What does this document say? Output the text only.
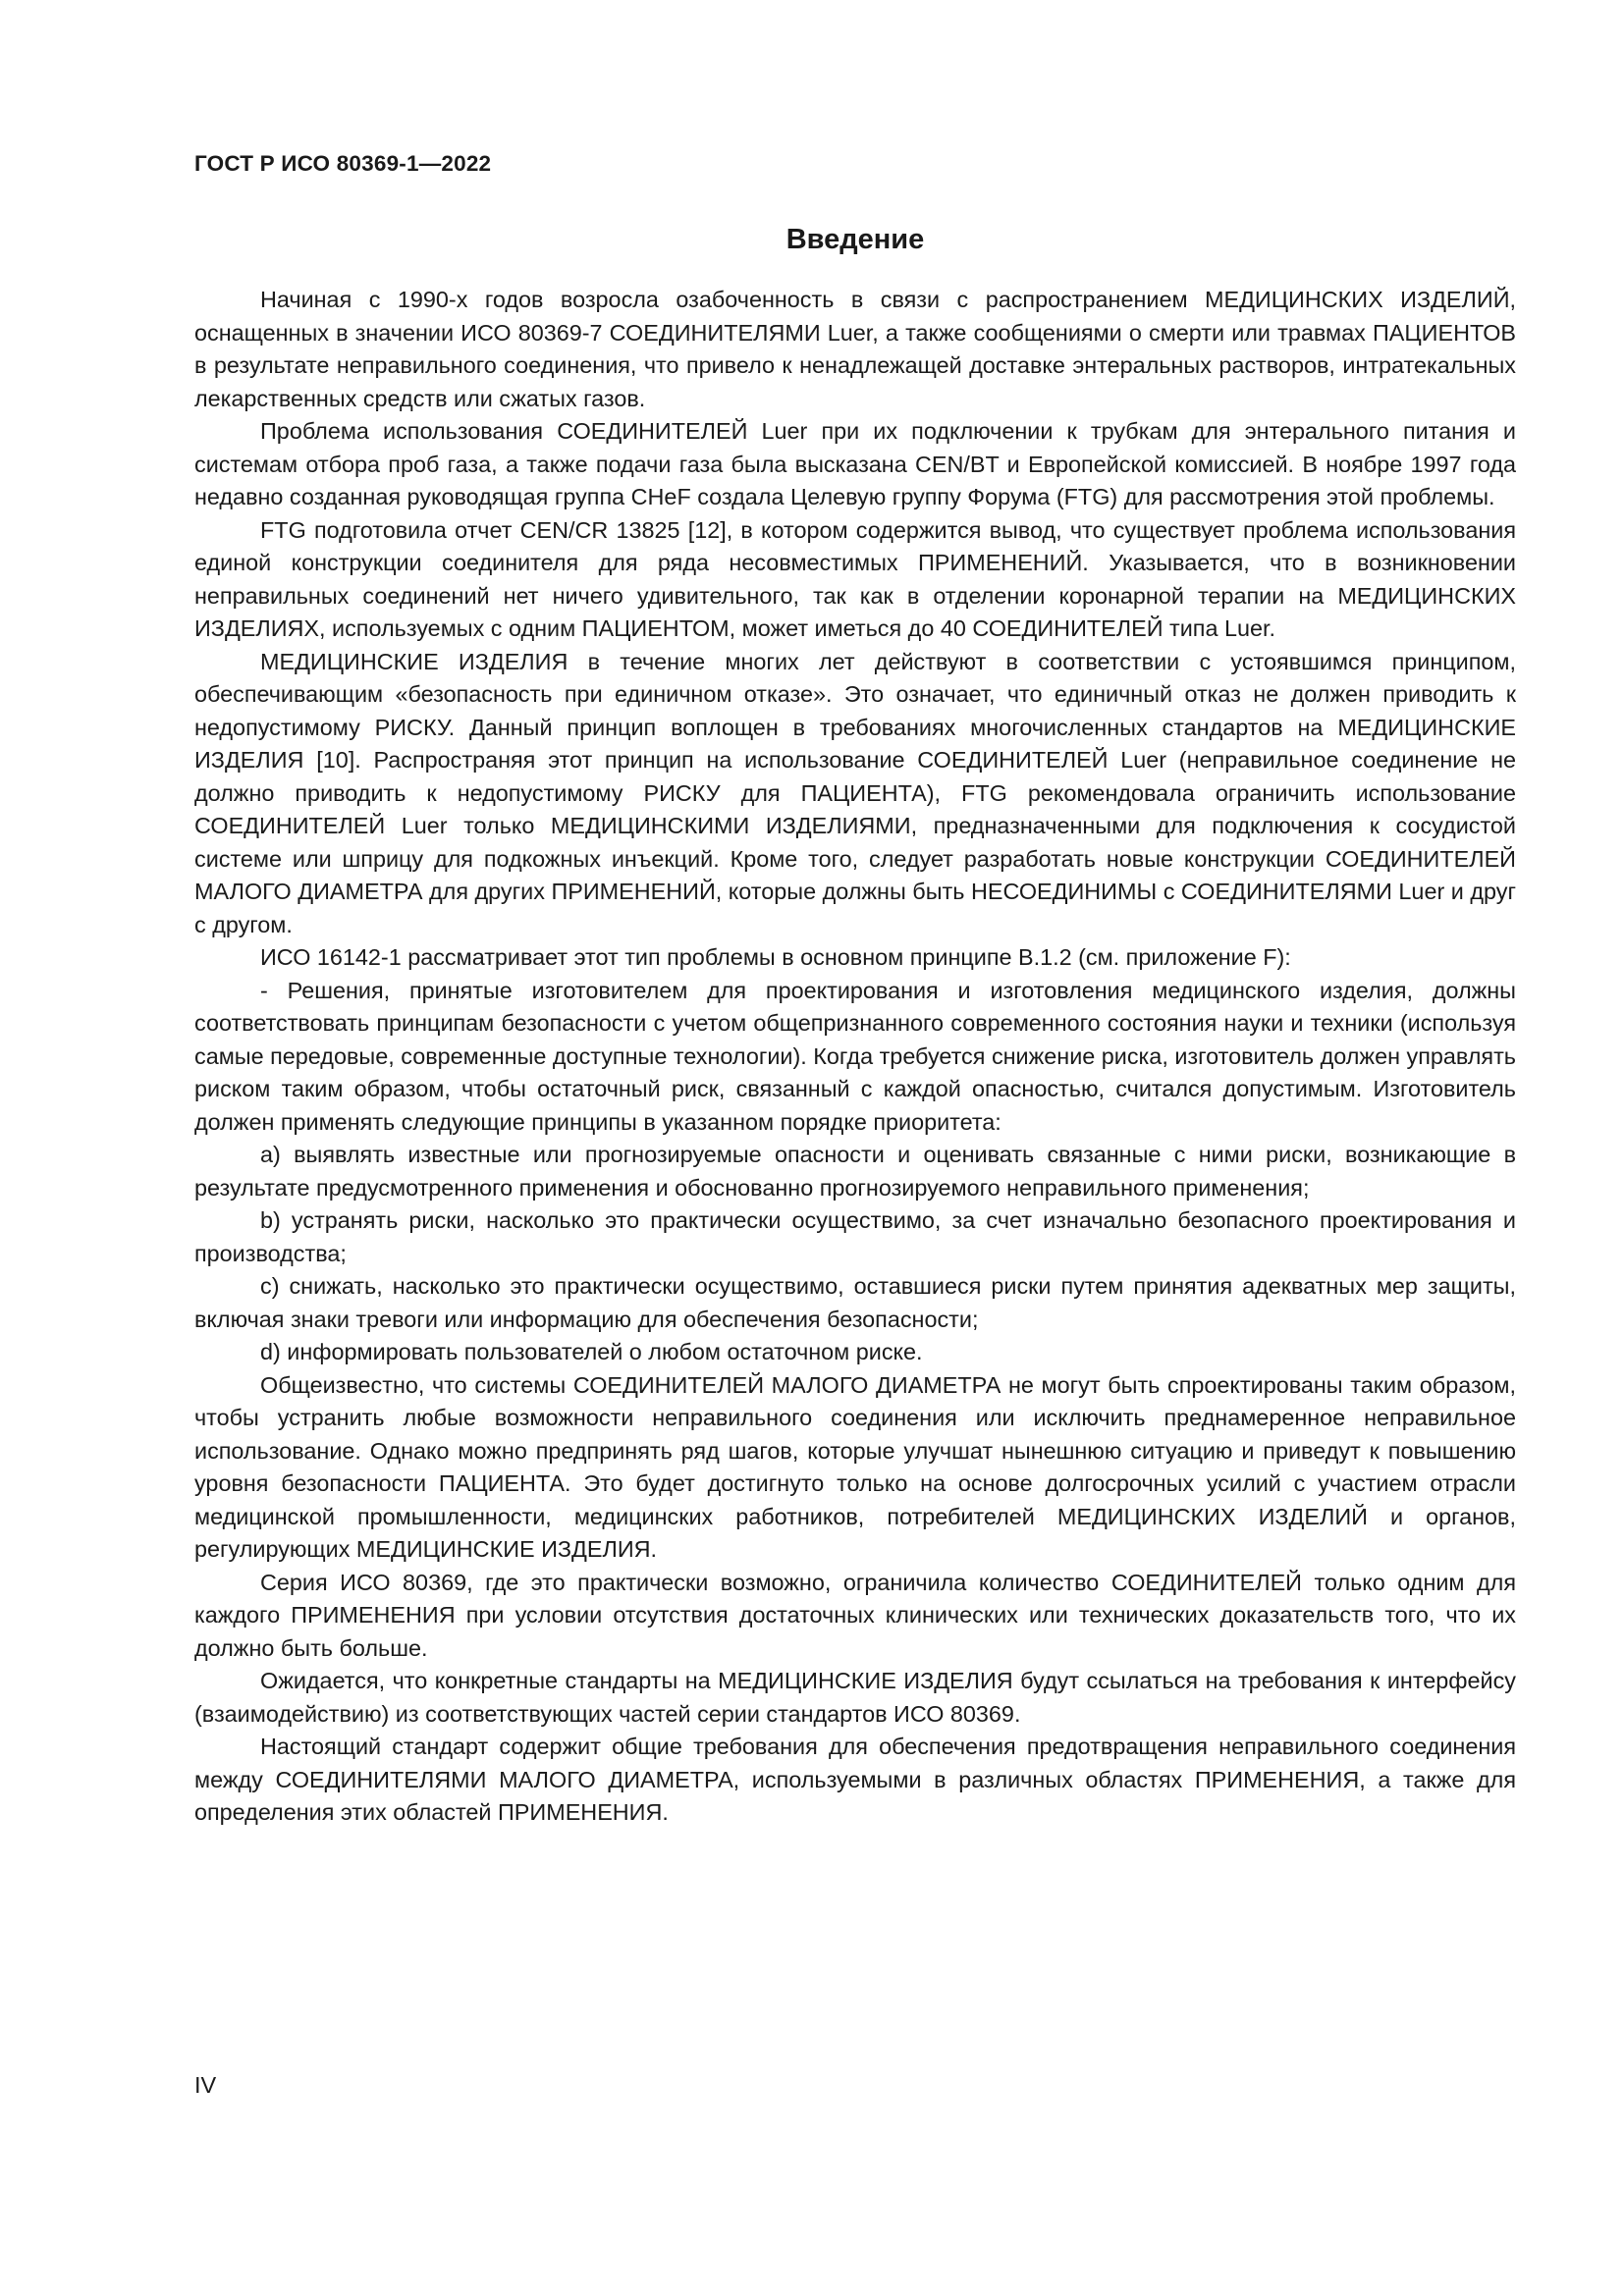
ГОСТ Р ИСО 80369-1—2022
Введение

Начиная с 1990-х годов возросла озабоченность в связи с распространением МЕДИЦИНСКИХ ИЗДЕЛИЙ, оснащенных в значении ИСО 80369-7 СОЕДИНИТЕЛЯМИ Luer, а также сообщениями о смерти или травмах ПАЦИЕНТОВ в результате неправильного соединения, что привело к ненадлежащей доставке энтеральных растворов, интратекальных лекарственных средств или сжатых газов.

Проблема использования СОЕДИНИТЕЛЕЙ Luer при их подключении к трубкам для энтерального питания и системам отбора проб газа, а также подачи газа была высказана CEN/BT и Европейской комиссией. В ноябре 1997 года недавно созданная руководящая группа CHeF создала Целевую группу Форума (FTG) для рассмотрения этой проблемы.

FTG подготовила отчет CEN/CR 13825 [12], в котором содержится вывод, что существует проблема использования единой конструкции соединителя для ряда несовместимых ПРИМЕНЕНИЙ. Указывается, что в возникновении неправильных соединений нет ничего удивительного, так как в отделении коронарной терапии на МЕДИЦИНСКИХ ИЗДЕЛИЯХ, используемых с одним ПАЦИЕНТОМ, может иметься до 40 СОЕДИНИТЕЛЕЙ типа Luer.

МЕДИЦИНСКИЕ ИЗДЕЛИЯ в течение многих лет действуют в соответствии с устоявшимся принципом, обеспечивающим «безопасность при единичном отказе». Это означает, что единичный отказ не должен приводить к недопустимому РИСКУ. Данный принцип воплощен в требованиях многочисленных стандартов на МЕДИЦИНСКИЕ ИЗДЕЛИЯ [10]. Распространяя этот принцип на использование СОЕДИНИТЕЛЕЙ Luer (неправильное соединение не должно приводить к недопустимому РИСКУ для ПАЦИЕНТА), FTG рекомендовала ограничить использование СОЕДИНИТЕЛЕЙ Luer только МЕДИЦИНСКИМИ ИЗДЕЛИЯМИ, предназначенными для подключения к сосудистой системе или шприцу для подкожных инъекций. Кроме того, следует разработать новые конструкции СОЕДИНИТЕЛЕЙ МАЛОГО ДИАМЕТРА для других ПРИМЕНЕНИЙ, которые должны быть НЕСОЕДИНИМЫ с СОЕДИНИТЕЛЯМИ Luer и друг с другом.

ИСО 16142-1 рассматривает этот тип проблемы в основном принципе В.1.2 (см. приложение F):

- Решения, принятые изготовителем для проектирования и изготовления медицинского изделия, должны соответствовать принципам безопасности с учетом общепризнанного современного состояния науки и техники (используя самые передовые, современные доступные технологии). Когда требуется снижение риска, изготовитель должен управлять риском таким образом, чтобы остаточный риск, связанный с каждой опасностью, считался допустимым. Изготовитель должен применять следующие принципы в указанном порядке приоритета:

a) выявлять известные или прогнозируемые опасности и оценивать связанные с ними риски, возникающие в результате предусмотренного применения и обоснованно прогнозируемого неправильного применения;

b) устранять риски, насколько это практически осуществимо, за счет изначально безопасного проектирования и производства;

c) снижать, насколько это практически осуществимо, оставшиеся риски путем принятия адекватных мер защиты, включая знаки тревоги или информацию для обеспечения безопасности;

d) информировать пользователей о любом остаточном риске.

Общеизвестно, что системы СОЕДИНИТЕЛЕЙ МАЛОГО ДИАМЕТРА не могут быть спроектированы таким образом, чтобы устранить любые возможности неправильного соединения или исключить преднамеренное неправильное использование. Однако можно предпринять ряд шагов, которые улучшат нынешнюю ситуацию и приведут к повышению уровня безопасности ПАЦИЕНТА. Это будет достигнуто только на основе долгосрочных усилий с участием отрасли медицинской промышленности, медицинских работников, потребителей МЕДИЦИНСКИХ ИЗДЕЛИЙ и органов, регулирующих МЕДИЦИНСКИЕ ИЗДЕЛИЯ.

Серия ИСО 80369, где это практически возможно, ограничила количество СОЕДИНИТЕЛЕЙ только одним для каждого ПРИМЕНЕНИЯ при условии отсутствия достаточных клинических или технических доказательств того, что их должно быть больше.

Ожидается, что конкретные стандарты на МЕДИЦИНСКИЕ ИЗДЕЛИЯ будут ссылаться на требования к интерфейсу (взаимодействию) из соответствующих частей серии стандартов ИСО 80369.

Настоящий стандарт содержит общие требования для обеспечения предотвращения неправильного соединения между СОЕДИНИТЕЛЯМИ МАЛОГО ДИАМЕТРА, используемыми в различных областях ПРИМЕНЕНИЯ, а также для определения этих областей ПРИМЕНЕНИЯ.

IV
